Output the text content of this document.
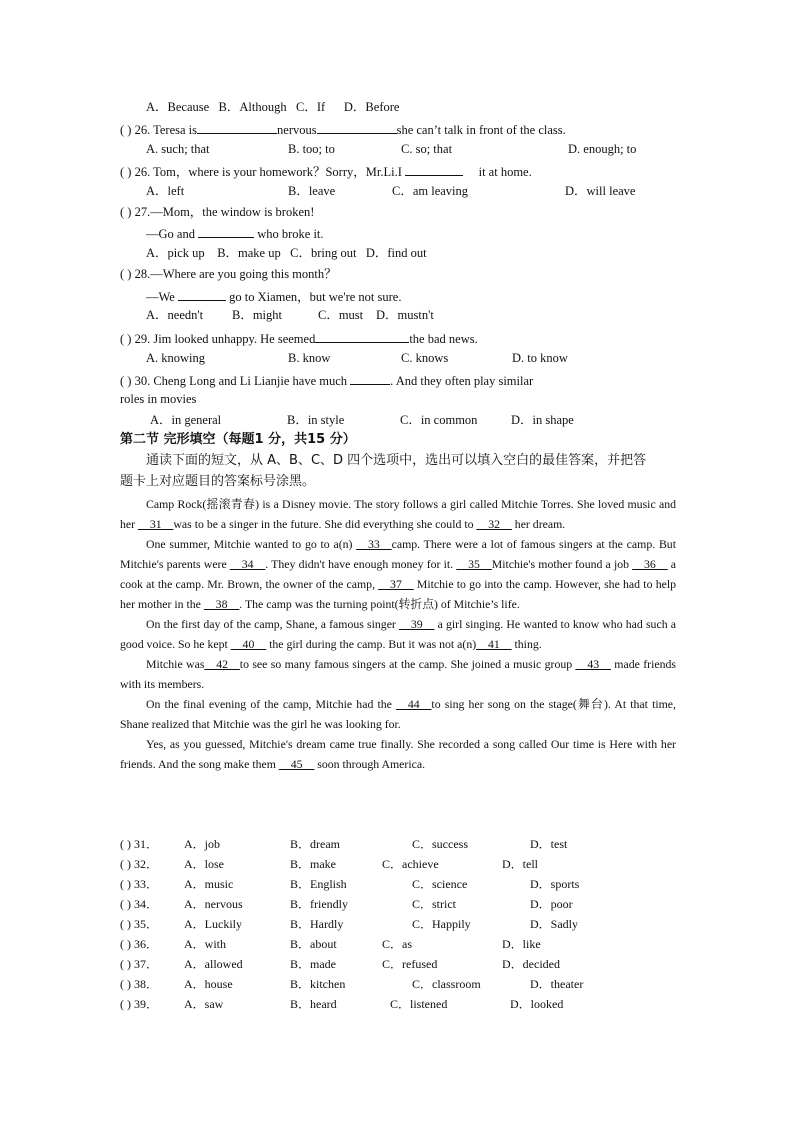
A．Because B．Although C．If D．Before
( ) 26. Teresa is	nervous	she can’t talk in front of the class.
A. such; that	B. too; to	C. so; that	D. enough; to
( ) 26. Tom，where is your homework？Sorry，Mr.Li.I	it at home.
A．left	B．leave	C．am leaving	D．will leave
( ) 27.—Mom，the window is broken!
—Go and	who broke it.
A．pick up B．make up C．bring out D．find out
( ) 28.—Where are you going this month？
—We	go to Xiamen，but we're not sure.
A．needn't B．might	C．must D．mustn't
( ) 29. Jim looked unhappy. He seemed	the bad news.
A. knowing	B. know	C. knows	D. to know
( ) 30. Cheng Long and Li Lianjie have much	. And they often play similar
roles in movies
A．in general	B．in style	C．in common	D．in shape
第二节 完形填空（每题1 分，共15 分）
通读下面的短文，从 A、B、C、D 四个选项中，选出可以填入空白的最佳答案，并把答
题卡上对应题目的答案标号涂黑。

Camp Rock(摇滚青春) is a Disney movie. The story follows a girl called Mitchie Torres. She loved music and her __31__was to be a singer in the future. She did everything she could to __32__ her dream.

One summer, Mitchie wanted to go to a(n) __33__camp. There were a lot of famous singers at the camp. But Mitchie's parents were __34__. They didn't have enough money for it. __35__Mitchie's mother found a job __36__ a cook at the camp. Mr. Brown, the owner of the camp, __37__ Mitchie to go into the camp. However, she had to help her mother in the __38__. The camp was the turning point(转折点) of Mitchie’s life.

On the first day of the camp, Shane, a famous singer __39__ a girl singing. He wanted to know who had such a good voice. So he kept __40__ the girl during the camp. But it was not a(n)__41__ thing.

Mitchie was__42__to see so many famous singers at the camp. She joined a music group __43__ made friends with its members.

On the final evening of the camp, Mitchie had the __44__to sing her song on the stage(舞台). At that time, Shane realized that Mitchie was the girl he was looking for.

Yes, as you guessed, Mitchie's dream came true finally. She recorded a song called Our time is Here with her friends. And the song make them __45__ soon through America.

( ) 31． A．job	B．dream	C．success	D．test
( ) 32． A．lose	B．make	C．achieve	D．tell
( ) 33． A．music	B．English	C．science	D．sports
( ) 34． A．nervous	B．friendly	C．strict	D．poor
( ) 35． A．Luckily	B．Hardly	C．Happily	D．Sadly
( ) 36． A．with	B．about	C．as	D．like
( ) 37． A．allowed	B．made	C．refused	D．decided
( ) 38． A．house	B．kitchen	C．classroom	D．theater
( ) 39． A．saw	B．heard	C．listened	D．looked
